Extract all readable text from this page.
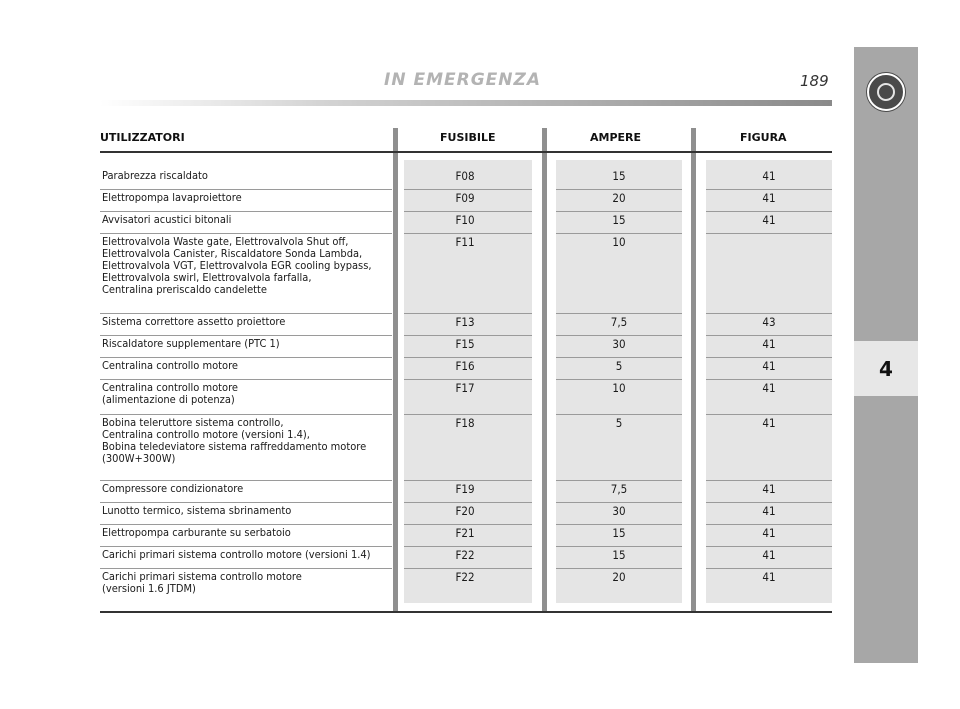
IN EMERGENZA	189
4
UTILIZZATORI	FUSIBILE	AMPERE	FIGURA
Parabrezza riscaldato	F08	15	41
Elettropompa lavaproiettore	F09	20	41
Avvisatori acustici bitonali	F10	15	41
Elettrovalvola Waste gate, Elettrovalvola Shut off,
Elettrovalvola Canister, Riscaldatore Sonda Lambda,
Elettrovalvola VGT, Elettrovalvola EGR cooling bypass,
Elettrovalvola swirl, Elettrovalvola farfalla,
Centralina preriscaldo candelette
F11	10
Sistema correttore assetto proiettore	F13	7,5	43
Riscaldatore supplementare (PTC 1)	F15	30	41
Centralina controllo motore	F16	5	41
Centralina controllo motore
(alimentazione di potenza)
F17	10	41
Bobina teleruttore sistema controllo,
Centralina controllo motore (versioni 1.4),
Bobina teledeviatore sistema raffreddamento motore
(300W+300W)
F18	5	41
Compressore condizionatore	F19	7,5	41
Lunotto termico, sistema sbrinamento	F20	30	41
Elettropompa carburante su serbatoio	F21	15	41
Carichi primari sistema controllo motore (versioni 1.4)	F22	15	41
Carichi primari sistema controllo motore
(versioni 1.6 JTDM)
F22	20	41
